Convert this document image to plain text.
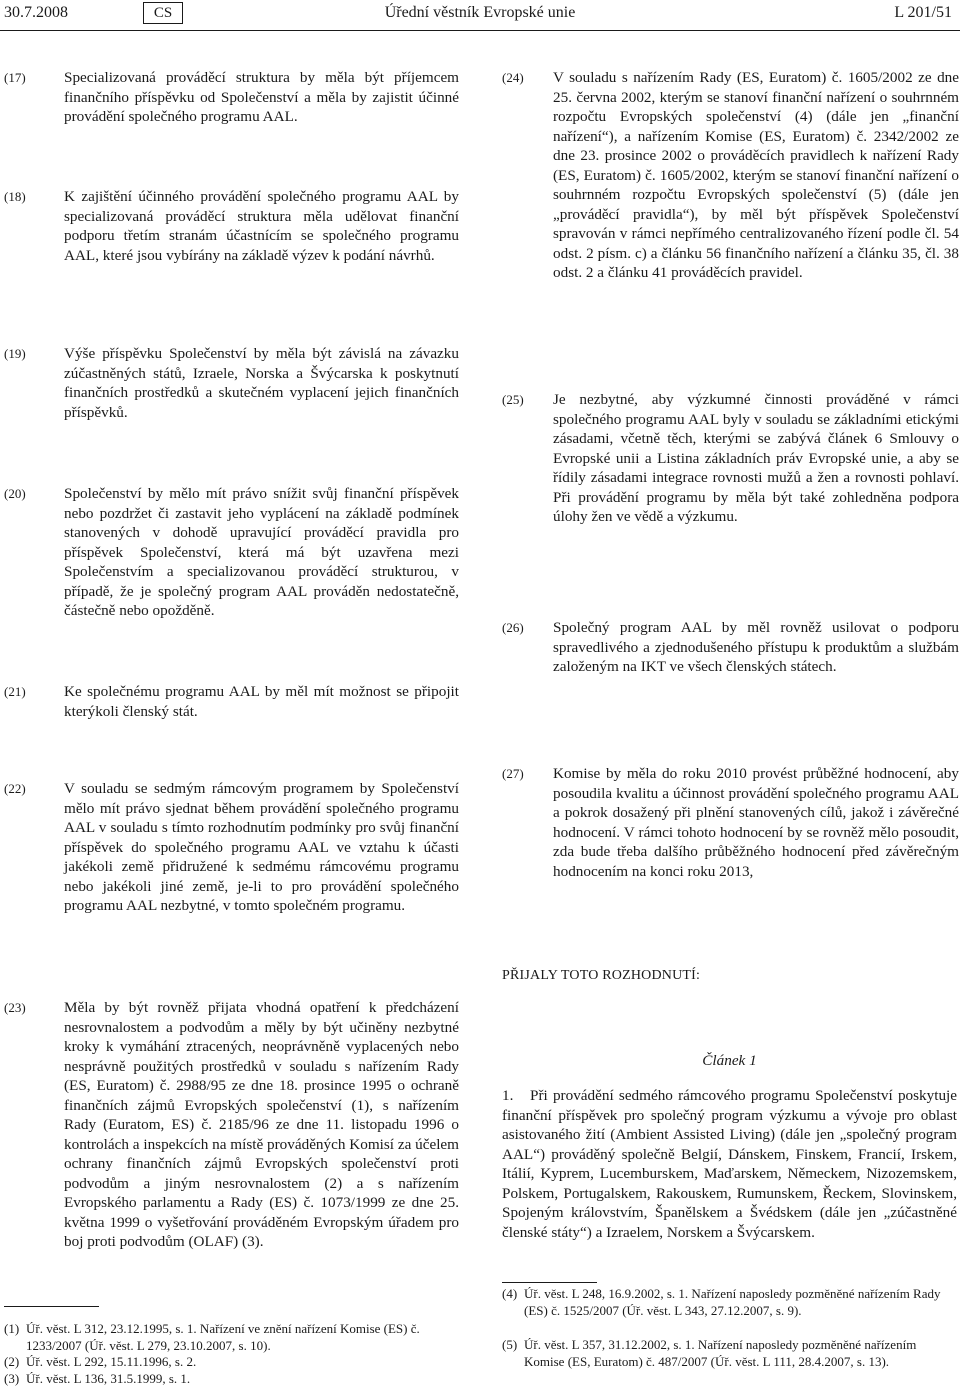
30.7.2008	CS	Úřední věstník Evropské unie	L 201/51
(17)	Specializovaná prováděcí struktura by měla být příjemcem finančního příspěvku od Společenství a měla by zajistit účinné provádění společného programu AAL.
(18)	K zajištění účinného provádění společného programu AAL by specializovaná prováděcí struktura měla udělovat finanční podporu třetím stranám účastnícím se společného programu AAL, které jsou vybírány na základě výzev k podání návrhů.
(19)	Výše příspěvku Společenství by měla být závislá na závazku zúčastněných států, Izraele, Norska a Švýcarska k poskytnutí finančních prostředků a skutečném vyplacení jejich finančních příspěvků.
(20)	Společenství by mělo mít právo snížit svůj finanční příspěvek nebo pozdržet či zastavit jeho vyplácení na základě podmínek stanovených v dohodě upravující prováděcí pravidla pro příspěvek Společenství, která má být uzavřena mezi Společenstvím a specializovanou prováděcí strukturou, v případě, že je společný program AAL prováděn nedostatečně, částečně nebo opožděně.
(21)	Ke společnému programu AAL by měl mít možnost se připojit kterýkoli členský stát.
(22)	V souladu se sedmým rámcovým programem by Společenství mělo mít právo sjednat během provádění společného programu AAL v souladu s tímto rozhodnutím podmínky pro svůj finanční příspěvek do společného programu AAL ve vztahu k účasti jakékoli země přidružené k sedmému rámcovému programu nebo jakékoli jiné země, je-li to pro provádění společného programu AAL nezbytné, v tomto společném programu.
(23)	Měla by být rovněž přijata vhodná opatření k předcházení nesrovnalostem a podvodům a měly by být učiněny nezbytné kroky k vymáhání ztracených, neoprávněně vyplacených nebo nesprávně použitých prostředků v souladu s nařízením Rady (ES, Euratom) č. 2988/95 ze dne 18. prosince 1995 o ochraně finančních zájmů Evropských společenství (1), s nařízením Rady (Euratom, ES) č. 2185/96 ze dne 11. listopadu 1996 o kontrolách a inspekcích na místě prováděných Komisí za účelem ochrany finančních zájmů Evropských společenství proti podvodům a jiným nesrovnalostem (2) a s nařízením Evropského parlamentu a Rady (ES) č. 1073/1999 ze dne 25. května 1999 o vyšetřování prováděném Evropským úřadem pro boj proti podvodům (OLAF) (3).
(24) V souladu s nařízením Rady (ES, Euratom) č. 1605/2002 ze dne 25. června 2002, kterým se stanoví finanční nařízení o souhrnném rozpočtu Evropských společenství (4) (dále jen „finanční nařízení“), a nařízením Komise (ES, Euratom) č. 2342/2002 ze dne 23. prosince 2002 o prováděcích pravidlech k nařízení Rady (ES, Euratom) č. 1605/2002, kterým se stanoví finanční nařízení o souhrnném rozpočtu Evropských společenství (5) (dále jen „prováděcí pravidla“), by měl být příspěvek Společenství spravován v rámci nepřímého centralizovaného řízení podle čl. 54 odst. 2 písm. c) a článku 56 finančního nařízení a článku 35, čl. 38 odst. 2 a článku 41 prováděcích pravidel.
(25) Je nezbytné, aby výzkumné činnosti prováděné v rámci společného programu AAL byly v souladu se základními etickými zásadami, včetně těch, kterými se zabývá článek 6 Smlouvy o Evropské unii a Listina základních práv Evropské unie, a aby se řídily zásadami integrace rovnosti mužů a žen a rovnosti pohlaví. Při provádění programu by měla být také zohledněna podpora úlohy žen ve vědě a výzkumu.
(26) Společný program AAL by měl rovněž usilovat o podporu spravedlivého a zjednodušeného přístupu k produktům a službám založeným na IKT ve všech členských státech.
(27) Komise by měla do roku 2010 provést průběžné hodnocení, aby posoudila kvalitu a účinnost provádění společného programu AAL a pokrok dosažený při plnění stanovených cílů, jakož i závěrečné hodnocení. V rámci tohoto hodnocení by se rovněž mělo posoudit, zda bude třeba dalšího průběžného hodnocení před závěrečným hodnocením na konci roku 2013,
PŘIJALY TOTO ROZHODNUTÍ:
Článek 1
1. Při provádění sedmého rámcového programu Společenství poskytuje finanční příspěvek pro společný program výzkumu a vývoje pro oblast asistovaného žití (Ambient Assisted Living) (dále jen „společný program AAL“) prováděný společně Belgií, Dánskem, Finskem, Francií, Irskem, Itálií, Kyprem, Lucemburskem, Maďarskem, Německem, Nizozemskem, Polskem, Portugalskem, Rakouskem, Rumunskem, Řeckem, Slovinskem, Spojeným královstvím, Španělskem a Švédskem (dále jen „zúčastněné členské státy“) a Izraelem, Norskem a Švýcarskem.
(1) Úř. věst. L 312, 23.12.1995, s. 1. Nařízení ve znění nařízení Komise (ES) č. 1233/2007 (Úř. věst. L 279, 23.10.2007, s. 10).
(2) Úř. věst. L 292, 15.11.1996, s. 2.
(3) Úř. věst. L 136, 31.5.1999, s. 1.
(4) Úř. věst. L 248, 16.9.2002, s. 1. Nařízení naposledy pozměněné nařízením Rady (ES) č. 1525/2007 (Úř. věst. L 343, 27.12.2007, s. 9).
(5) Úř. věst. L 357, 31.12.2002, s. 1. Nařízení naposledy pozměněné nařízením Komise (ES, Euratom) č. 487/2007 (Úř. věst. L 111, 28.4.2007, s. 13).
